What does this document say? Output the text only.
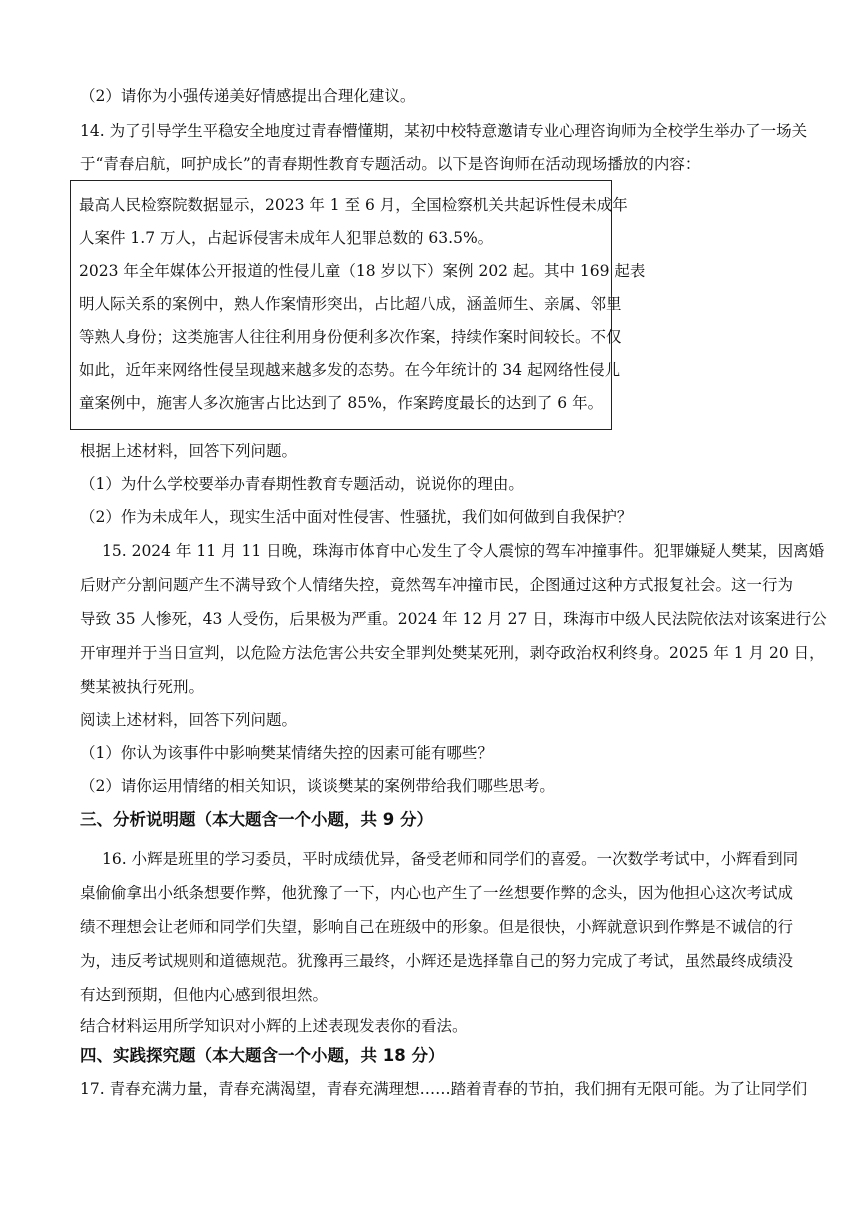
（2）请你为小强传递美好情感提出合理化建议。
14. 为了引导学生平稳安全地度过青春懵懂期，某初中校特意邀请专业心理咨询师为全校学生举办了一场关
于“青春启航，呵护成长”的青春期性教育专题活动。以下是咨询师在活动现场播放的内容：
最高人民检察院数据显示，2023 年 1 至 6 月，全国检察机关共起诉性侵未成年
人案件 1.7 万人，占起诉侵害未成年人犯罪总数的 63.5%。
2023 年全年媒体公开报道的性侵儿童（18 岁以下）案例 202 起。其中 169 起表
明人际关系的案例中，熟人作案情形突出，占比超八成，涵盖师生、亲属、邻里
等熟人身份；这类施害人往往利用身份便利多次作案，持续作案时间较长。不仅
如此，近年来网络性侵呈现越来越多发的态势。在今年统计的 34 起网络性侵儿
童案例中，施害人多次施害占比达到了 85%，作案跨度最长的达到了 6 年。
根据上述材料，回答下列问题。
（1）为什么学校要举办青春期性教育专题活动，说说你的理由。
（2）作为未成年人，现实生活中面对性侵害、性骚扰，我们如何做到自我保护？
15. 2024 年 11 月 11 日晚，珠海市体育中心发生了令人震惊的驾车冲撞事件。犯罪嫌疑人樊某，因离婚
后财产分割问题产生不满导致个人情绪失控，竟然驾车冲撞市民，企图通过这种方式报复社会。这一行为
导致 35 人惨死，43 人受伤，后果极为严重。2024 年 12 月 27 日，珠海市中级人民法院依法对该案进行公
开审理并于当日宣判，以危险方法危害公共安全罪判处樊某死刑，剥夺政治权利终身。2025 年 1 月 20 日，
樊某被执行死刑。
阅读上述材料，回答下列问题。
（1）你认为该事件中影响樊某情绪失控的因素可能有哪些？
（2）请你运用情绪的相关知识，谈谈樊某的案例带给我们哪些思考。
三、分析说明题（本大题含一个小题，共 9 分）
16. 小辉是班里的学习委员，平时成绩优异，备受老师和同学们的喜爱。一次数学考试中，小辉看到同
桌偷偷拿出小纸条想要作弊，他犹豫了一下，内心也产生了一丝想要作弊的念头，因为他担心这次考试成
绩不理想会让老师和同学们失望，影响自己在班级中的形象。但是很快，小辉就意识到作弊是不诚信的行
为，违反考试规则和道德规范。犹豫再三最终，小辉还是选择靠自己的努力完成了考试，虽然最终成绩没
有达到预期，但他内心感到很坦然。
结合材料运用所学知识对小辉的上述表现发表你的看法。
四、实践探究题（本大题含一个小题，共 18 分）
17. 青春充满力量，青春充满渴望，青春充满理想……踏着青春的节拍，我们拥有无限可能。为了让同学们
